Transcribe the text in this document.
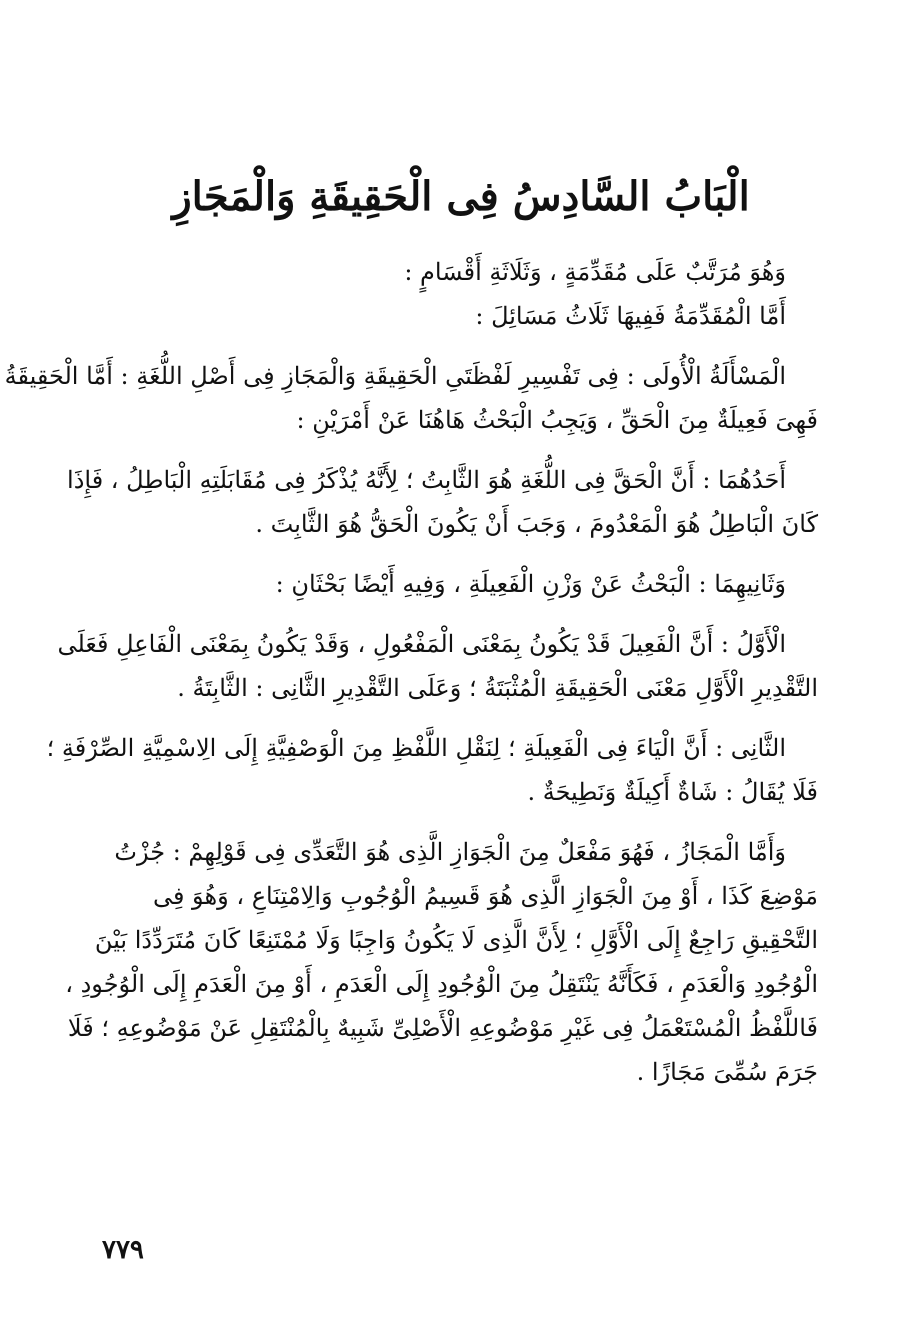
الْبَابُ السَّادِسُ فِى الْحَقِيقَةِ وَالْمَجَازِ

وَهُوَ مُرَتَّبٌ عَلَى مُقَدِّمَةٍ ، وَثَلَاثَةِ أَقْسَامٍ :

أَمَّا الْمُقَدِّمَةُ فَفِيهَا ثَلَاثُ مَسَائِلَ :

الْمَسْأَلَةُ الْأُولَى : فِى تَفْسِيرِ لَفْظَتَىِ الْحَقِيقَةِ وَالْمَجَازِ فِى أَصْلِ اللُّغَةِ : أَمَّا الْحَقِيقَةُ

فَهِىَ فَعِيلَةٌ مِنَ الْحَقِّ ، وَيَجِبُ الْبَحْثُ هَاهُنَا عَنْ أَمْرَيْنِ :

أَحَدُهُمَا : أَنَّ الْحَقَّ فِى اللُّغَةِ هُوَ الثَّابِتُ ؛ لِأَنَّهُ يُذْكَرُ فِى مُقَابَلَتِهِ الْبَاطِلُ ، فَإِذَا

كَانَ الْبَاطِلُ هُوَ الْمَعْدُومَ ، وَجَبَ أَنْ يَكُونَ الْحَقُّ هُوَ الثَّابِتَ .

وَثَانِيهِمَا : الْبَحْثُ عَنْ وَزْنِ الْفَعِيلَةِ ، وَفِيهِ أَيْضًا بَحْثَانِ :

الْأَوَّلُ : أَنَّ الْفَعِيلَ قَدْ يَكُونُ بِمَعْنَى الْمَفْعُولِ ، وَقَدْ يَكُونُ بِمَعْنَى الْفَاعِلِ فَعَلَى

التَّقْدِيرِ الْأَوَّلِ مَعْنَى الْحَقِيقَةِ الْمُثْبَتَةُ ؛ وَعَلَى التَّقْدِيرِ الثَّانِى : الثَّابِتَةُ .

الثَّانِى : أَنَّ الْيَاءَ فِى الْفَعِيلَةِ ؛ لِنَقْلِ اللَّفْظِ مِنَ الْوَصْفِيَّةِ إِلَى الِاسْمِيَّةِ الصِّرْفَةِ ؛

فَلَا يُقَالُ : شَاةٌ أَكِيلَةٌ وَنَطِيحَةٌ .

وَأَمَّا الْمَجَازُ ، فَهُوَ مَفْعَلٌ مِنَ الْجَوَازِ الَّذِى هُوَ التَّعَدِّى فِى قَوْلِهِمْ : جُزْتُ

مَوْضِعَ كَذَا ، أَوْ مِنَ الْجَوَازِ الَّذِى هُوَ قَسِيمُ الْوُجُوبِ وَالِامْتِنَاعِ ، وَهُوَ فِى

التَّحْقِيقِ رَاجِعٌ إِلَى الْأَوَّلِ ؛ لِأَنَّ الَّذِى لَا يَكُونُ وَاجِبًا وَلَا مُمْتَنِعًا كَانَ مُتَرَدِّدًا بَيْنَ

الْوُجُودِ وَالْعَدَمِ ، فَكَأَنَّهُ يَنْتَقِلُ مِنَ الْوُجُودِ إِلَى الْعَدَمِ ، أَوْ مِنَ الْعَدَمِ إِلَى الْوُجُودِ ،

فَاللَّفْظُ الْمُسْتَعْمَلُ فِى غَيْرِ مَوْضُوعِهِ الْأَصْلِىِّ شَبِيهٌ بِالْمُنْتَقِلِ عَنْ مَوْضُوعِهِ ؛ فَلَا

جَرَمَ سُمِّىَ مَجَازًا .

٧٧٩
